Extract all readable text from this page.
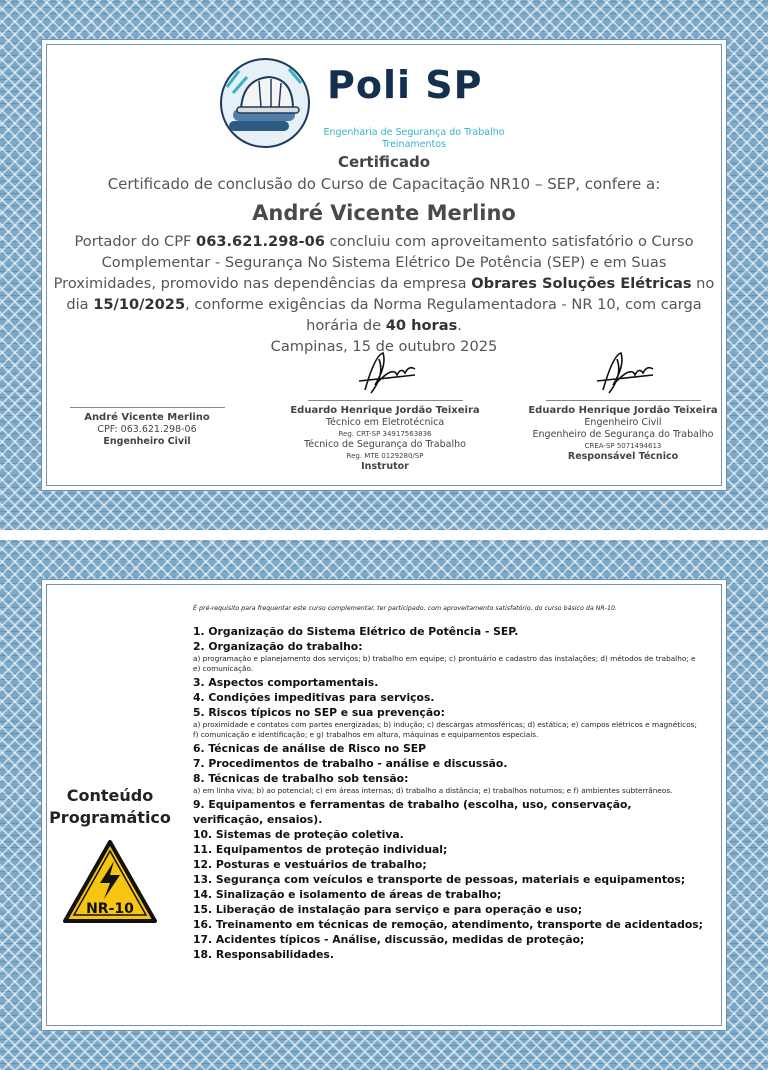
Poli SP
Engenharia de Segurança do Trabalho
Treinamentos
Certificado
Certificado de conclusão do Curso de Capacitação NR10 – SEP, confere a:
André Vicente Merlino
Portador do CPF 063.621.298-06 concluiu com aproveitamento satisfatório o Curso Complementar - Segurança No Sistema Elétrico De Potência (SEP) e em Suas Proximidades, promovido nas dependências da empresa Obrares Soluções Elétricas no dia 15/10/2025, conforme exigências da Norma Regulamentadora - NR 10, com carga horária de 40 horas.
Campinas, 15 de outubro 2025
André Vicente Merlino
CPF: 063.621.298-06
Engenheiro Civil
Eduardo Henrique Jordão Teixeira
Técnico em Eletrotécnica
Reg. CRT-SP 34917563836
Técnico de Segurança do Trabalho
Reg. MTE 0129280/SP
Instrutor
Eduardo Henrique Jordão Teixeira
Engenheiro Civil
Engenheiro de Segurança do Trabalho
CREA-SP 5071494613
Responsável Técnico
Conteúdo
Programático
NR-10
É pré-requisito para frequentar este curso complementar, ter participado, com aproveitamento satisfatório, do curso básico da NR-10.
1. Organização do Sistema Elétrico de Potência - SEP.
2. Organização do trabalho:
a) programação e planejamento dos serviços; b) trabalho em equipe; c) prontuário e cadastro das instalações; d) métodos de trabalho; e e) comunicação.
3. Aspectos comportamentais.
4. Condições impeditivas para serviços.
5. Riscos típicos no SEP e sua prevenção:
a) proximidade e contatos com partes energizadas; b) indução; c) descargas atmosféricas; d) estática; e) campos elétricos e magnéticos; f) comunicação e identificação; e g) trabalhos em altura, máquinas e equipamentos especiais.
6. Técnicas de análise de Risco no SEP
7. Procedimentos de trabalho - análise e discussão.
8. Técnicas de trabalho sob tensão:
a) em linha viva; b) ao potencial; c) em áreas internas; d) trabalho a distância; e) trabalhos noturnos; e f) ambientes subterrâneos.
9. Equipamentos e ferramentas de trabalho (escolha, uso, conservação, verificação, ensaios).
10. Sistemas de proteção coletiva.
11. Equipamentos de proteção individual;
12. Posturas e vestuários de trabalho;
13. Segurança com veículos e transporte de pessoas, materiais e equipamentos;
14. Sinalização e isolamento de áreas de trabalho;
15. Liberação de instalação para serviço e para operação e uso;
16. Treinamento em técnicas de remoção, atendimento, transporte de acidentados;
17. Acidentes típicos - Análise, discussão, medidas de proteção;
18. Responsabilidades.
